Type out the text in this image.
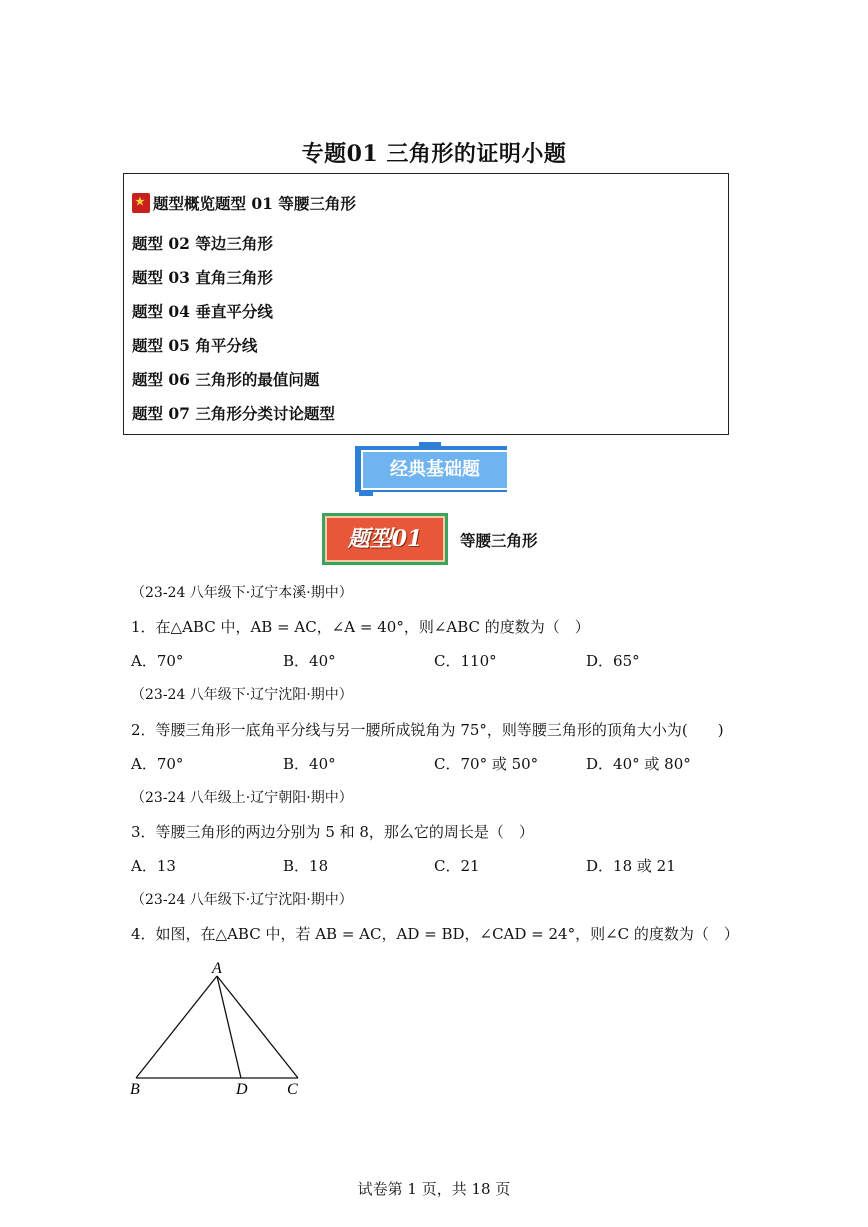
专题01 三角形的证明小题
★题型概览题型 01 等腰三角形
题型 02 等边三角形
题型 03 直角三角形
题型 04 垂直平分线
题型 05 角平分线
题型 06 三角形的最值问题
题型 07 三角形分类讨论题型
经典基础题
题型01	等腰三角形
（23-24 八年级下·辽宁本溪·期中）
1．在△ABC 中，AB = AC，∠A = 40°，则∠ABC 的度数为（　）
A．70°	B．40°	C．110°	D．65°
（23-24 八年级下·辽宁沈阳·期中）
2．等腰三角形一底角平分线与另一腰所成锐角为 75°，则等腰三角形的顶角大小为(　　)
A．70°	B．40°	C．70° 或 50°	D．40° 或 80°
（23-24 八年级上·辽宁朝阳·期中）
3．等腰三角形的两边分别为 5 和 8，那么它的周长是（　）
A．13	B．18	C．21	D．18 或 21
（23-24 八年级下·辽宁沈阳·期中）
4．如图，在△ABC 中，若 AB = AC，AD = BD，∠CAD = 24°，则∠C 的度数为（　）
A
B	D C
试卷第 1 页，共 18 页
